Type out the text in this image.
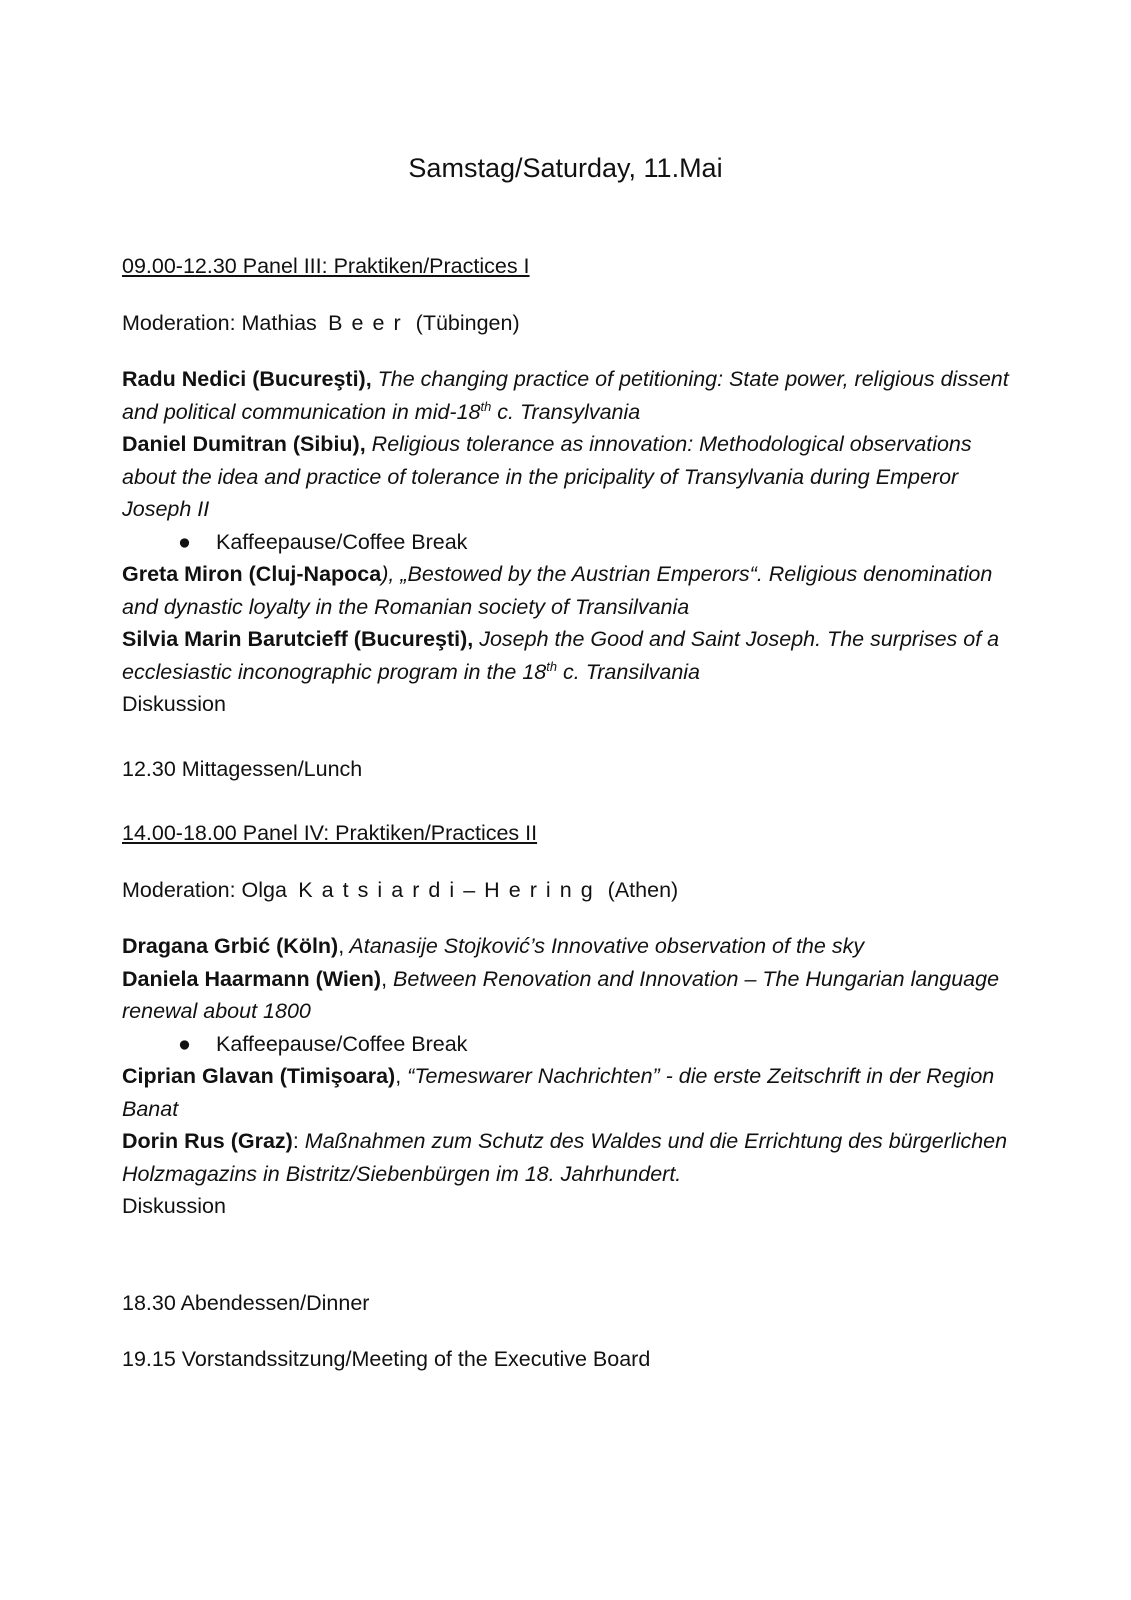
Samstag/Saturday, 11.Mai

09.00-12.30 Panel III: Praktiken/Practices I

Moderation: Mathias Beer (Tübingen)

Radu Nedici (Bucureşti), The changing practice of petitioning: State power, religious dissent and political communication in mid-18th c. Transylvania

Daniel Dumitran (Sibiu), Religious tolerance as innovation: Methodological observations about the idea and practice of tolerance in the pricipality of Transylvania during Emperor Joseph II

● Kaffeepause/Coffee Break

Greta Miron (Cluj-Napoca), „Bestowed by the Austrian Emperors“. Religious denomination and dynastic loyalty in the Romanian society of Transilvania

Silvia Marin Barutcieff (Bucureşti), Joseph the Good and Saint Joseph. The surprises of a ecclesiastic inconographic program in the 18th c. Transilvania

Diskussion

12.30 Mittagessen/Lunch

14.00-18.00 Panel IV: Praktiken/Practices II

Moderation: Olga Katsiardi–Hering (Athen)

Dragana Grbić (Köln), Atanasije Stojković’s Innovative observation of the sky

Daniela Haarmann (Wien), Between Renovation and Innovation – The Hungarian language renewal about 1800

● Kaffeepause/Coffee Break

Ciprian Glavan (Timişoara), “Temeswarer Nachrichten” - die erste Zeitschrift in der Region Banat

Dorin Rus (Graz): Maßnahmen zum Schutz des Waldes und die Errichtung des bürgerlichen Holzmagazins in Bistritz/Siebenbürgen im 18. Jahrhundert.

Diskussion

18.30 Abendessen/Dinner

19.15 Vorstandssitzung/Meeting of the Executive Board
